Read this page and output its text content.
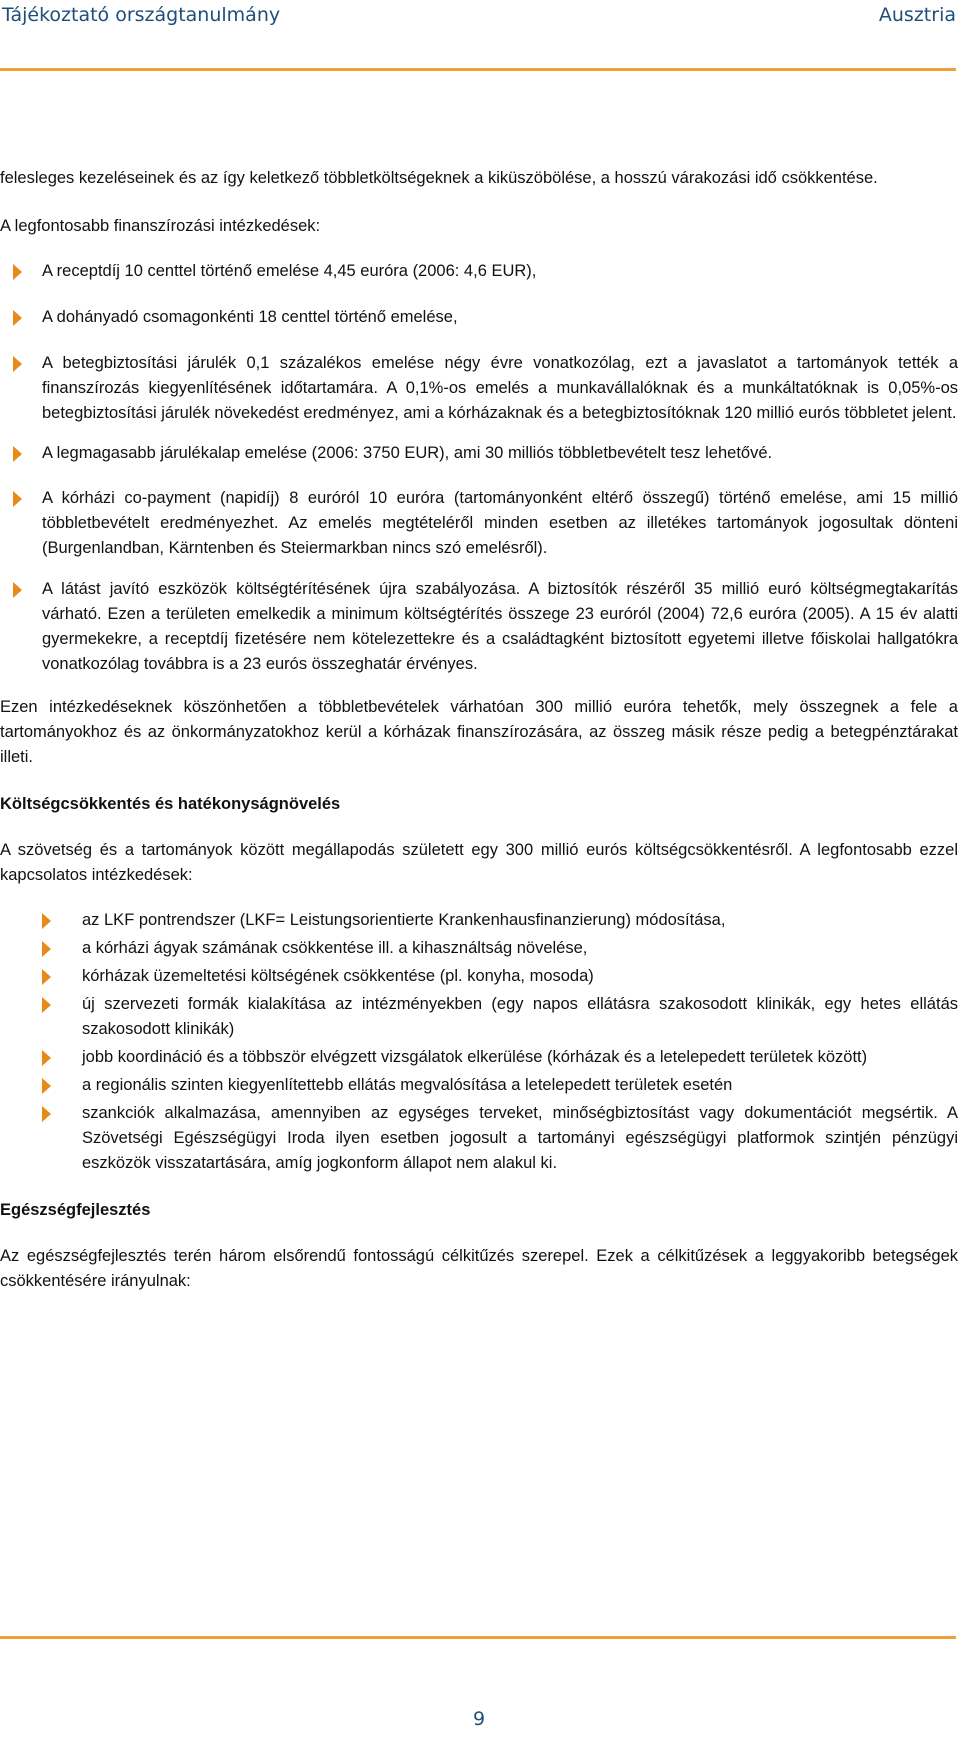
Tájékoztató országtanulmány	Ausztria

felesleges kezeléseinek és az így keletkező többletköltségeknek a kiküszöbölése, a hosszú várakozási idő csökkentése.

A legfontosabb finanszírozási intézkedések:

A receptdíj 10 centtel történő emelése 4,45 euróra (2006: 4,6 EUR),
A dohányadó csomagonkénti 18 centtel történő emelése,
A betegbiztosítási járulék 0,1 százalékos emelése négy évre vonatkozólag, ezt a javaslatot a tartományok tették a finanszírozás kiegyenlítésének időtartamára. A 0,1%-os emelés a munkavállalóknak és a munkáltatóknak is 0,05%-os betegbiztosítási járulék növekedést eredményez, ami a kórházaknak és a betegbiztosítóknak 120 millió eurós többletet jelent.
A legmagasabb járulékalap emelése (2006: 3750 EUR), ami 30 milliós többletbevételt tesz lehetővé.
A kórházi co-payment (napidíj) 8 euróról 10 euróra (tartományonként eltérő összegű) történő emelése, ami 15 millió többletbevételt eredményezhet. Az emelés megtételéről minden esetben az illetékes tartományok jogosultak dönteni (Burgenlandban, Kärntenben és Steiermarkban nincs szó emelésről).
A látást javító eszközök költségtérítésének újra szabályozása. A biztosítók részéről 35 millió euró költségmegtakarítás várható. Ezen a területen emelkedik a minimum költségtérítés összege 23 euróról (2004) 72,6 euróra (2005). A 15 év alatti gyermekekre, a receptdíj fizetésére nem kötelezettekre és a családtagként biztosított egyetemi illetve főiskolai hallgatókra vonatkozólag továbbra is a 23 eurós összeghatár érvényes.

Ezen intézkedéseknek köszönhetően a többletbevételek várhatóan 300 millió euróra tehetők, mely összegnek a fele a tartományokhoz és az önkormányzatokhoz kerül a kórházak finanszírozására, az összeg másik része pedig a betegpénztárakat illeti.

Költségcsökkentés és hatékonyságnövelés

A szövetség és a tartományok között megállapodás született egy 300 millió eurós költségcsökkentésről. A legfontosabb ezzel kapcsolatos intézkedések:

az LKF pontrendszer (LKF= Leistungsorientierte Krankenhausfinanzierung) módosítása,
a kórházi ágyak számának csökkentése ill. a kihasználtság növelése,
kórházak üzemeltetési költségének csökkentése (pl. konyha, mosoda)
új szervezeti formák kialakítása az intézményekben (egy napos ellátásra szakosodott klinikák, egy hetes ellátás szakosodott klinikák)
jobb koordináció és a többször elvégzett vizsgálatok elkerülése (kórházak és a letelepedett területek között)
a regionális szinten kiegyenlítettebb ellátás megvalósítása a letelepedett területek esetén
szankciók alkalmazása, amennyiben az egységes terveket, minőségbiztosítást vagy dokumentációt megsértik. A Szövetségi Egészségügyi Iroda ilyen esetben jogosult a tartományi egészségügyi platformok szintjén pénzügyi eszközök visszatartására, amíg jogkonform állapot nem alakul ki.
Egészségfejlesztés

Az egészségfejlesztés terén három elsőrendű fontosságú célkitűzés szerepel. Ezek a célkitűzések a leggyakoribb betegségek csökkentésére irányulnak:

9
